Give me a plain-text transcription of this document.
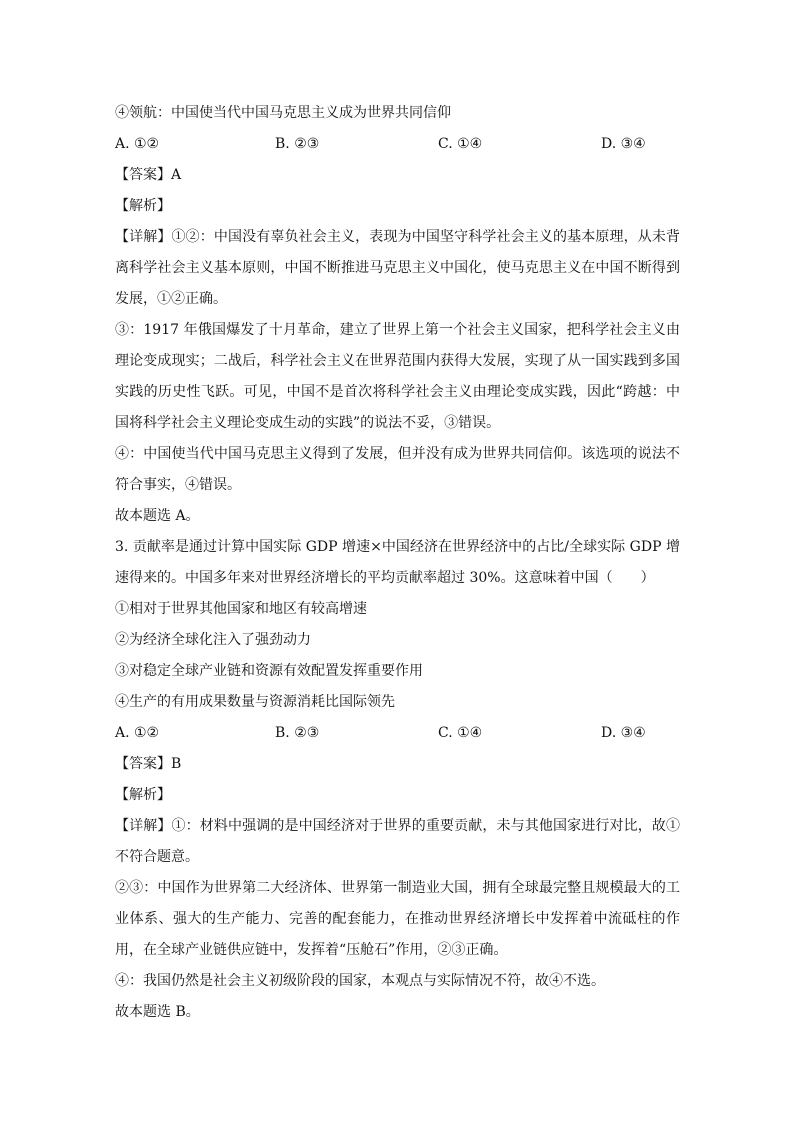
④领航：中国使当代中国马克思主义成为世界共同信仰
A. ①②	B. ②③	C. ①④	D. ③④
【答案】A
【解析】
【详解】①②：中国没有辜负社会主义，表现为中国坚守科学社会主义的基本原理，从未背离科学社会主义基本原则，中国不断推进马克思主义中国化，使马克思主义在中国不断得到发展，①②正确。
③：1917 年俄国爆发了十月革命，建立了世界上第一个社会主义国家，把科学社会主义由理论变成现实；二战后，科学社会主义在世界范围内获得大发展，实现了从一国实践到多国实践的历史性飞跃。可见，中国不是首次将科学社会主义由理论变成实践，因此“跨越：中国将科学社会主义理论变成生动的实践”的说法不妥，③错误。
④：中国使当代中国马克思主义得到了发展，但并没有成为世界共同信仰。该选项的说法不符合事实，④错误。
故本题选 A。
3. 贡献率是通过计算中国实际 GDP 增速×中国经济在世界经济中的占比/全球实际 GDP 增速得来的。中国多年来对世界经济增长的平均贡献率超过 30%。这意味着中国（　　）
①相对于世界其他国家和地区有较高增速
②为经济全球化注入了强劲动力
③对稳定全球产业链和资源有效配置发挥重要作用
④生产的有用成果数量与资源消耗比国际领先
A. ①②	B. ②③	C. ①④	D. ③④
【答案】B
【解析】
【详解】①：材料中强调的是中国经济对于世界的重要贡献，未与其他国家进行对比，故①不符合题意。
②③：中国作为世界第二大经济体、世界第一制造业大国，拥有全球最完整且规模最大的工业体系、强大的生产能力、完善的配套能力，在推动世界经济增长中发挥着中流砥柱的作用，在全球产业链供应链中，发挥着“压舱石”作用，②③正确。
④：我国仍然是社会主义初级阶段的国家，本观点与实际情况不符，故④不选。
故本题选 B。
